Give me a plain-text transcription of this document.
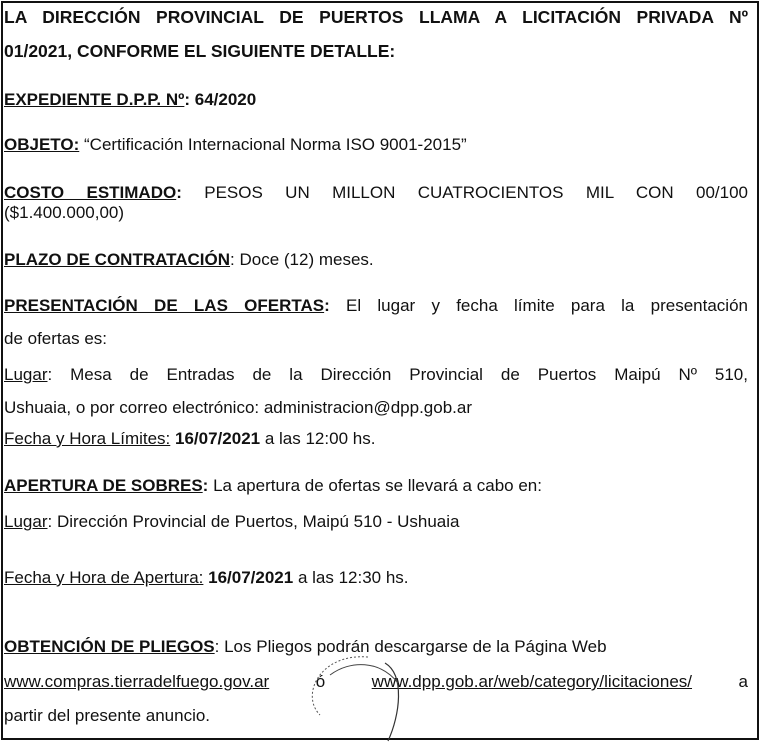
LA DIRECCIÓN PROVINCIAL DE PUERTOS LLAMA A LICITACIÓN PRIVADA Nº
01/2021, CONFORME EL SIGUIENTE DETALLE:
EXPEDIENTE D.P.P. Nº: 64/2020
OBJETO: “Certificación Internacional Norma ISO 9001-2015”
COSTO ESTIMADO: PESOS UN MILLON CUATROCIENTOS MIL CON 00/100
($1.400.000,00)
PLAZO DE CONTRATACIÓN: Doce (12) meses.
PRESENTACIÓN DE LAS OFERTAS: El lugar y fecha límite para la presentación
de ofertas es:
Lugar: Mesa de Entradas de la Dirección Provincial de Puertos Maipú Nº 510,
Ushuaia, o por correo electrónico: administracion@dpp.gob.ar
Fecha y Hora Límites: 16/07/2021 a las 12:00 hs.
APERTURA DE SOBRES: La apertura de ofertas se llevará a cabo en:
Lugar: Dirección Provincial de Puertos, Maipú 510 - Ushuaia
Fecha y Hora de Apertura: 16/07/2021 a las 12:30 hs.
OBTENCIÓN DE PLIEGOS: Los Pliegos podrán descargarse de la Página Web
www.compras.tierradelfuego.gov.ar	ó	www.dpp.gob.ar/web/category/licitaciones/	a
partir del presente anuncio.
